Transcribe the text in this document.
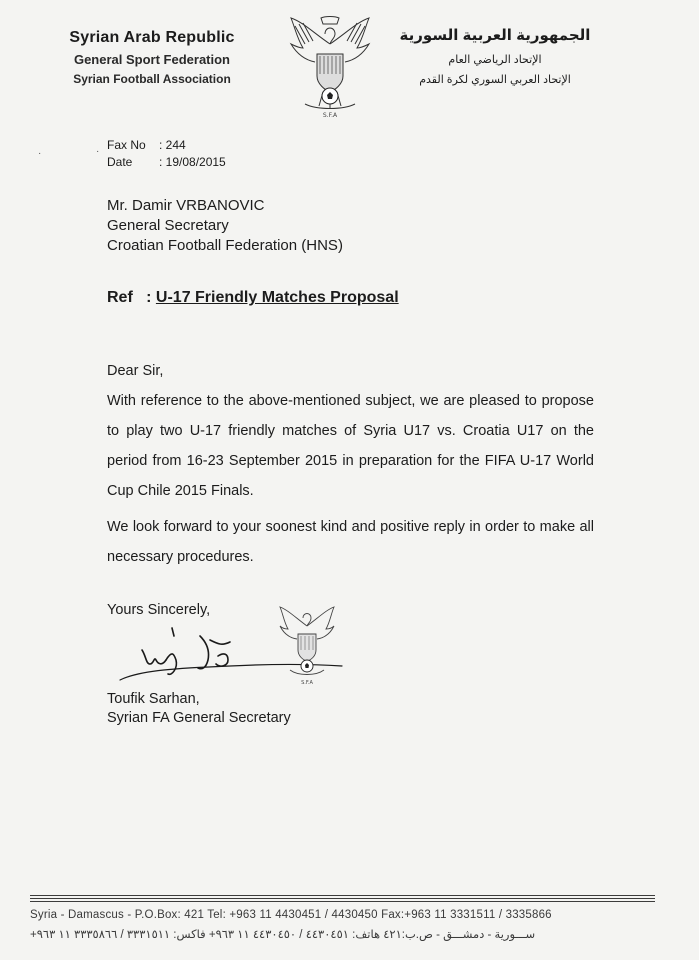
Syrian Arab Republic
General Sport Federation
Syrian Football Association
S.F.A
الجمهورية العربية السورية
الإتحاد الرياضي العام
الإتحاد العربي السوري لكرة القدم
·
·
Fax No	: 244
Date	: 19/08/2015
Mr. Damir VRBANOVIC
General Secretary
Croatian Football Federation (HNS)
Ref : U-17 Friendly Matches Proposal

Dear Sir,

With reference to the above-mentioned subject, we are pleased to propose to play two U-17 friendly matches of Syria U17 vs. Croatia U17 on the period from 16-23 September 2015 in preparation for the FIFA U-17 World Cup Chile 2015 Finals.

We look forward to your soonest kind and positive reply in order to make all necessary procedures.

Yours Sincerely,
S.F.A
Toufik Sarhan,
Syrian FA General Secretary
Syria - Damascus - P.O.Box: 421 Tel: +963 11 4430451 / 4430450 Fax:+963 11 3331511 / 3335866
ســـورية - دمشـــق - ص.ب:٤٢١ هاتف: ٤٤٣٠٤٥١ / ٤٤٣٠٤٥٠ ١١ ٩٦٣+ فاكس: ٣٣٣١٥١١ / ٣٣٣٥٨٦٦ ١١ ٩٦٣+
